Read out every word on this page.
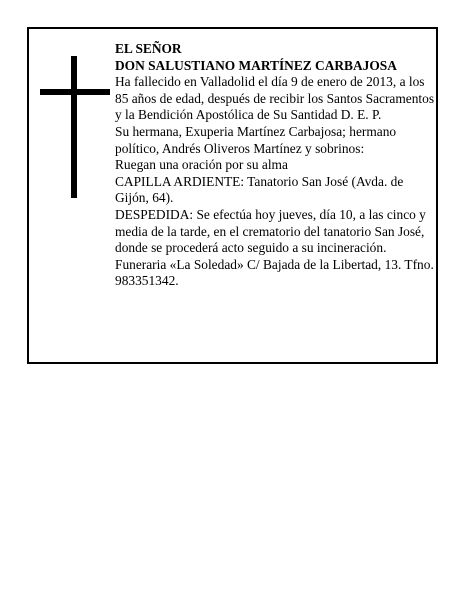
EL SEÑOR

DON SALUSTIANO MARTÍNEZ CARBAJOSA

Ha fallecido en Valladolid el día 9 de enero de 2013, a los 85 años de edad, después de recibir los Santos Sacramentos y la Bendición Apostólica de Su Santidad D. E. P.

Su hermana, Exuperia Martínez Carbajosa; hermano político, Andrés Oliveros Martínez y sobrinos:

Ruegan una oración por su alma

CAPILLA ARDIENTE: Tanatorio San José (Avda. de Gijón, 64).

DESPEDIDA: Se efectúa hoy jueves, día 10, a las cinco y media de la tarde, en el crematorio del tanatorio San José, donde se procederá acto seguido a su incineración.

Funeraria «La Soledad» C/ Bajada de la Libertad, 13. Tfno. 983351342.
